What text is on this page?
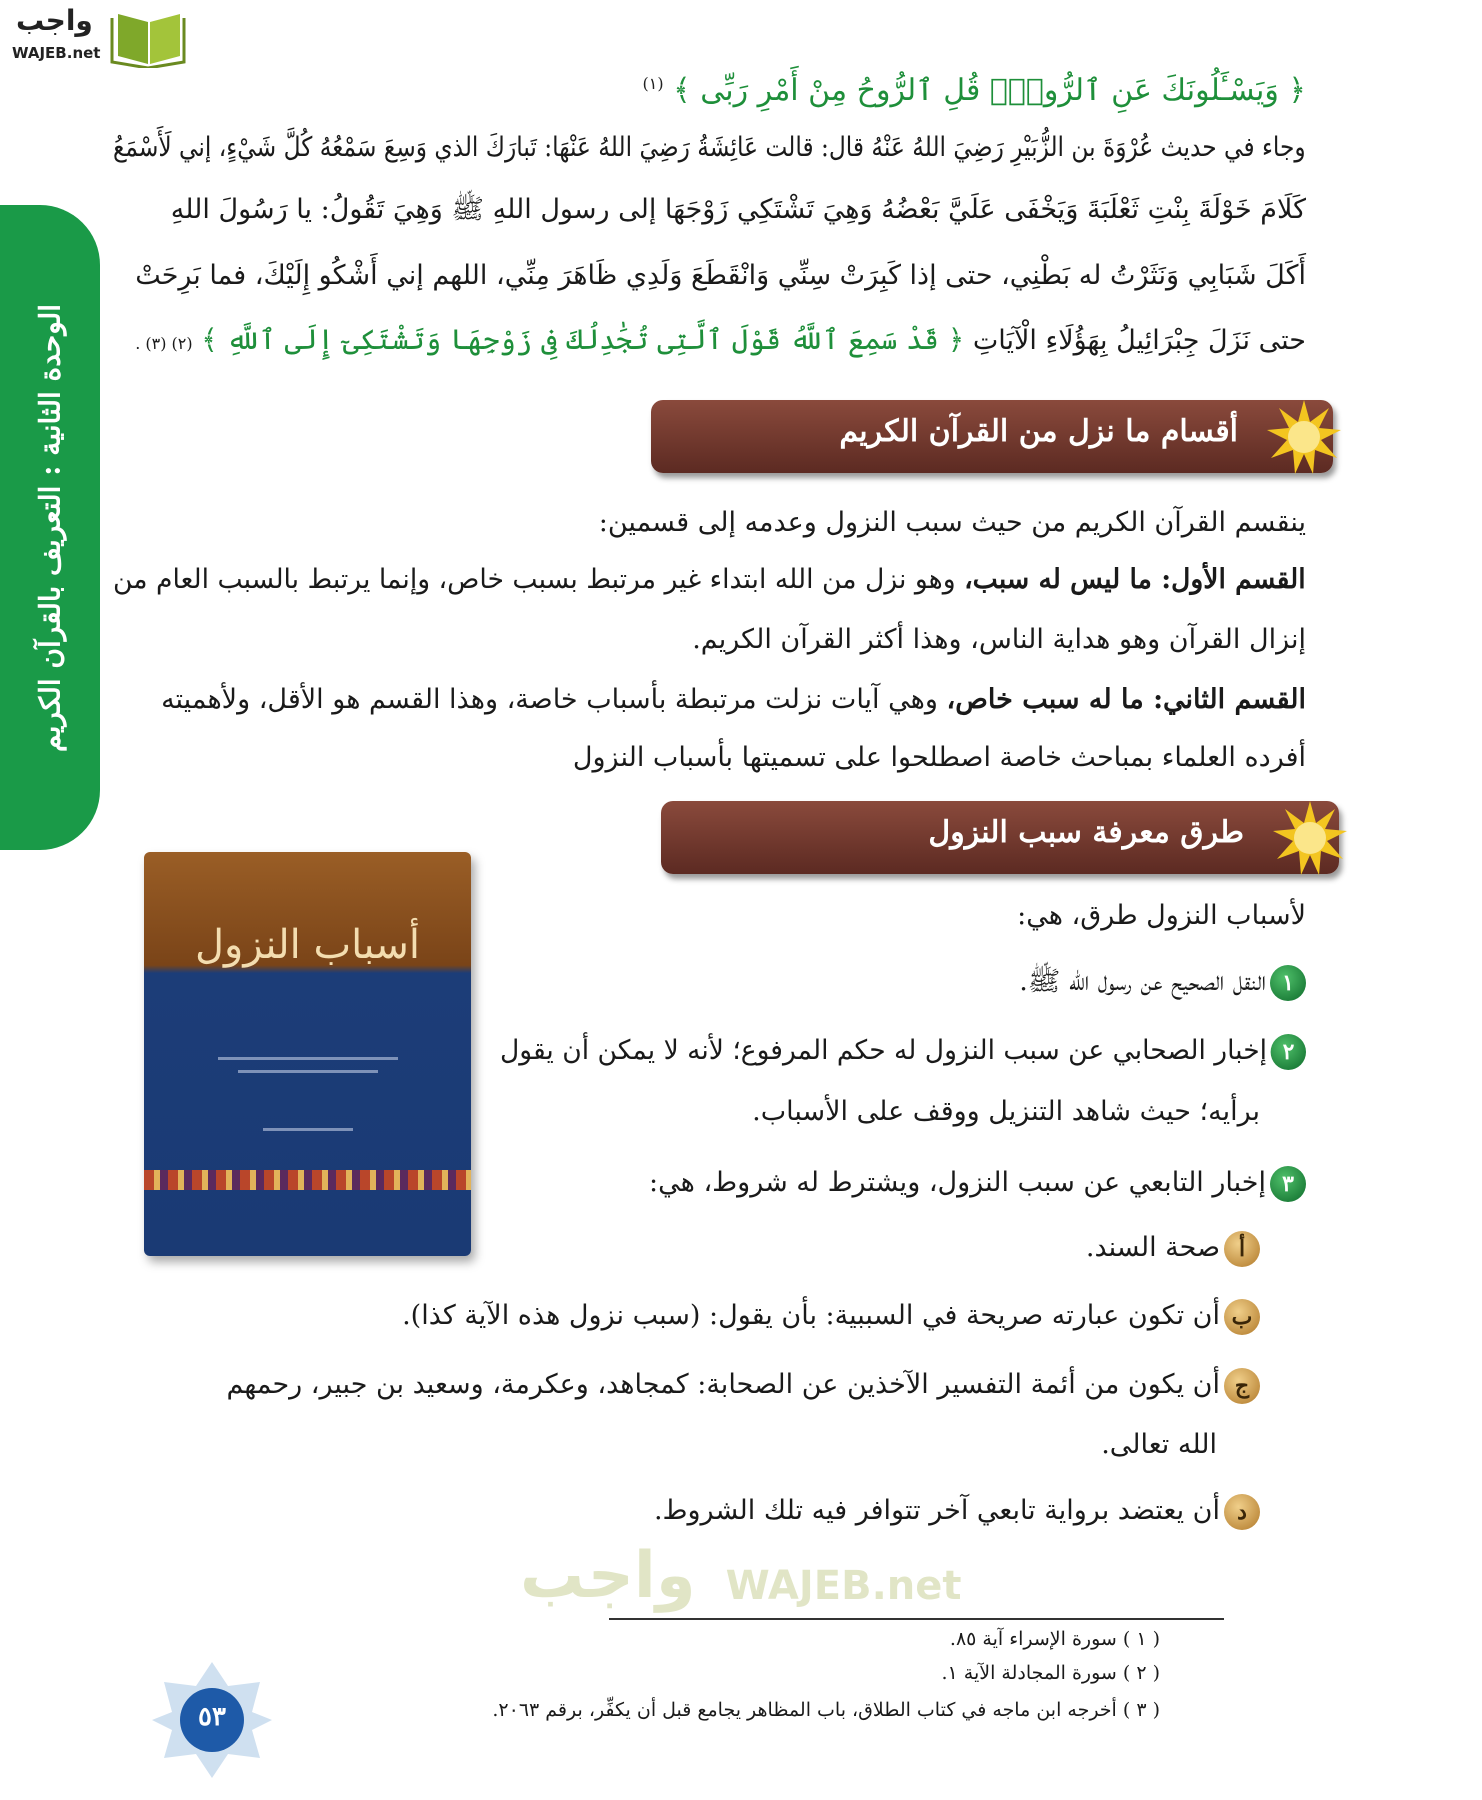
واجب
WAJEB.net
الوحدة الثانية : التعريف بالقرآن الكريم
﴿ وَيَسْـَٔلُونَكَ عَنِ ٱلرُّوحِۖ قُلِ ٱلرُّوحُ مِنْ أَمْرِ رَبِّى ﴾ $^{(١)}$
وجاء في حديث عُرْوَةَ بن الزُّبَيْرِ رَضِيَ اللهُ عَنْهُ قال: قالت عَائِشَةُ رَضِيَ اللهُ عَنْهَا: تَبارَكَ الذي وَسِعَ سَمْعُهُ كُلَّ شَيْءٍ، إني لَأَسْمَعُ
كَلَامَ خَوْلَةَ بِنْتِ ثَعْلَبَةَ وَيَخْفَى عَلَيَّ بَعْضُهُ وَهِيَ تَشْتَكِي زَوْجَهَا إلى رسول اللهِ ﷺ وَهِيَ تَقُولُ: يا رَسُولَ اللهِ
أَكَلَ شَبَابِي وَنَثَرْتُ له بَطْنِي، حتى إذا كَبِرَتْ سِنِّي وَانْقَطَعَ وَلَدِي ظَاهَرَ مِنِّي، اللهم إني أَشْكُو إِلَيْكَ، فما بَرِحَتْ
حتى نَزَلَ جِبْرَائِيلُ بِهَؤُلَاءِ الْآيَاتِ ﴿ قَدْ سَمِعَ ٱللَّهُ قَوْلَ ٱلَّتِى تُجَٰدِلُكَ فِى زَوْجِهَا وَتَشْتَكِىٓ إِلَى ٱللَّهِ ﴾ (٢) (٣) .
أقسام ما نزل من القرآن الكريم
ينقسم القرآن الكريم من حيث سبب النزول وعدمه إلى قسمين:
القسم الأول: ما ليس له سبب، وهو نزل من الله ابتداء غير مرتبط بسبب خاص، وإنما يرتبط بالسبب العام من
إنزال القرآن وهو هداية الناس، وهذا أكثر القرآن الكريم.
القسم الثاني: ما له سبب خاص، وهي آيات نزلت مرتبطة بأسباب خاصة، وهذا القسم هو الأقل، ولأهميته
أفرده العلماء بمباحث خاصة اصطلحوا على تسميتها بأسباب النزول
طرق معرفة سبب النزول
أسباب النزول
لأسباب النزول طرق، هي:
١النقل الصحيح عن رسول الله ﷺ.
٢إخبار الصحابي عن سبب النزول له حكم المرفوع؛ لأنه لا يمكن أن يقول
برأيه؛ حيث شاهد التنزيل ووقف على الأسباب.
٣إخبار التابعي عن سبب النزول، ويشترط له شروط، هي:
أصحة السند.
بأن تكون عبارته صريحة في السببية: بأن يقول: (سبب نزول هذه الآية كذا).
جأن يكون من أئمة التفسير الآخذين عن الصحابة: كمجاهد، وعكرمة، وسعيد بن جبير، رحمهم
الله تعالى.
دأن يعتضد برواية تابعي آخر تتوافر فيه تلك الشروط.
واجب WAJEB.net
( ١ ) سورة الإسراء آية ٨٥.
( ٢ ) سورة المجادلة الآية ١.
( ٣ ) أخرجه ابن ماجه في كتاب الطلاق، باب المظاهر يجامع قبل أن يكفِّر، برقم ٢٠٦٣.
٥٣
